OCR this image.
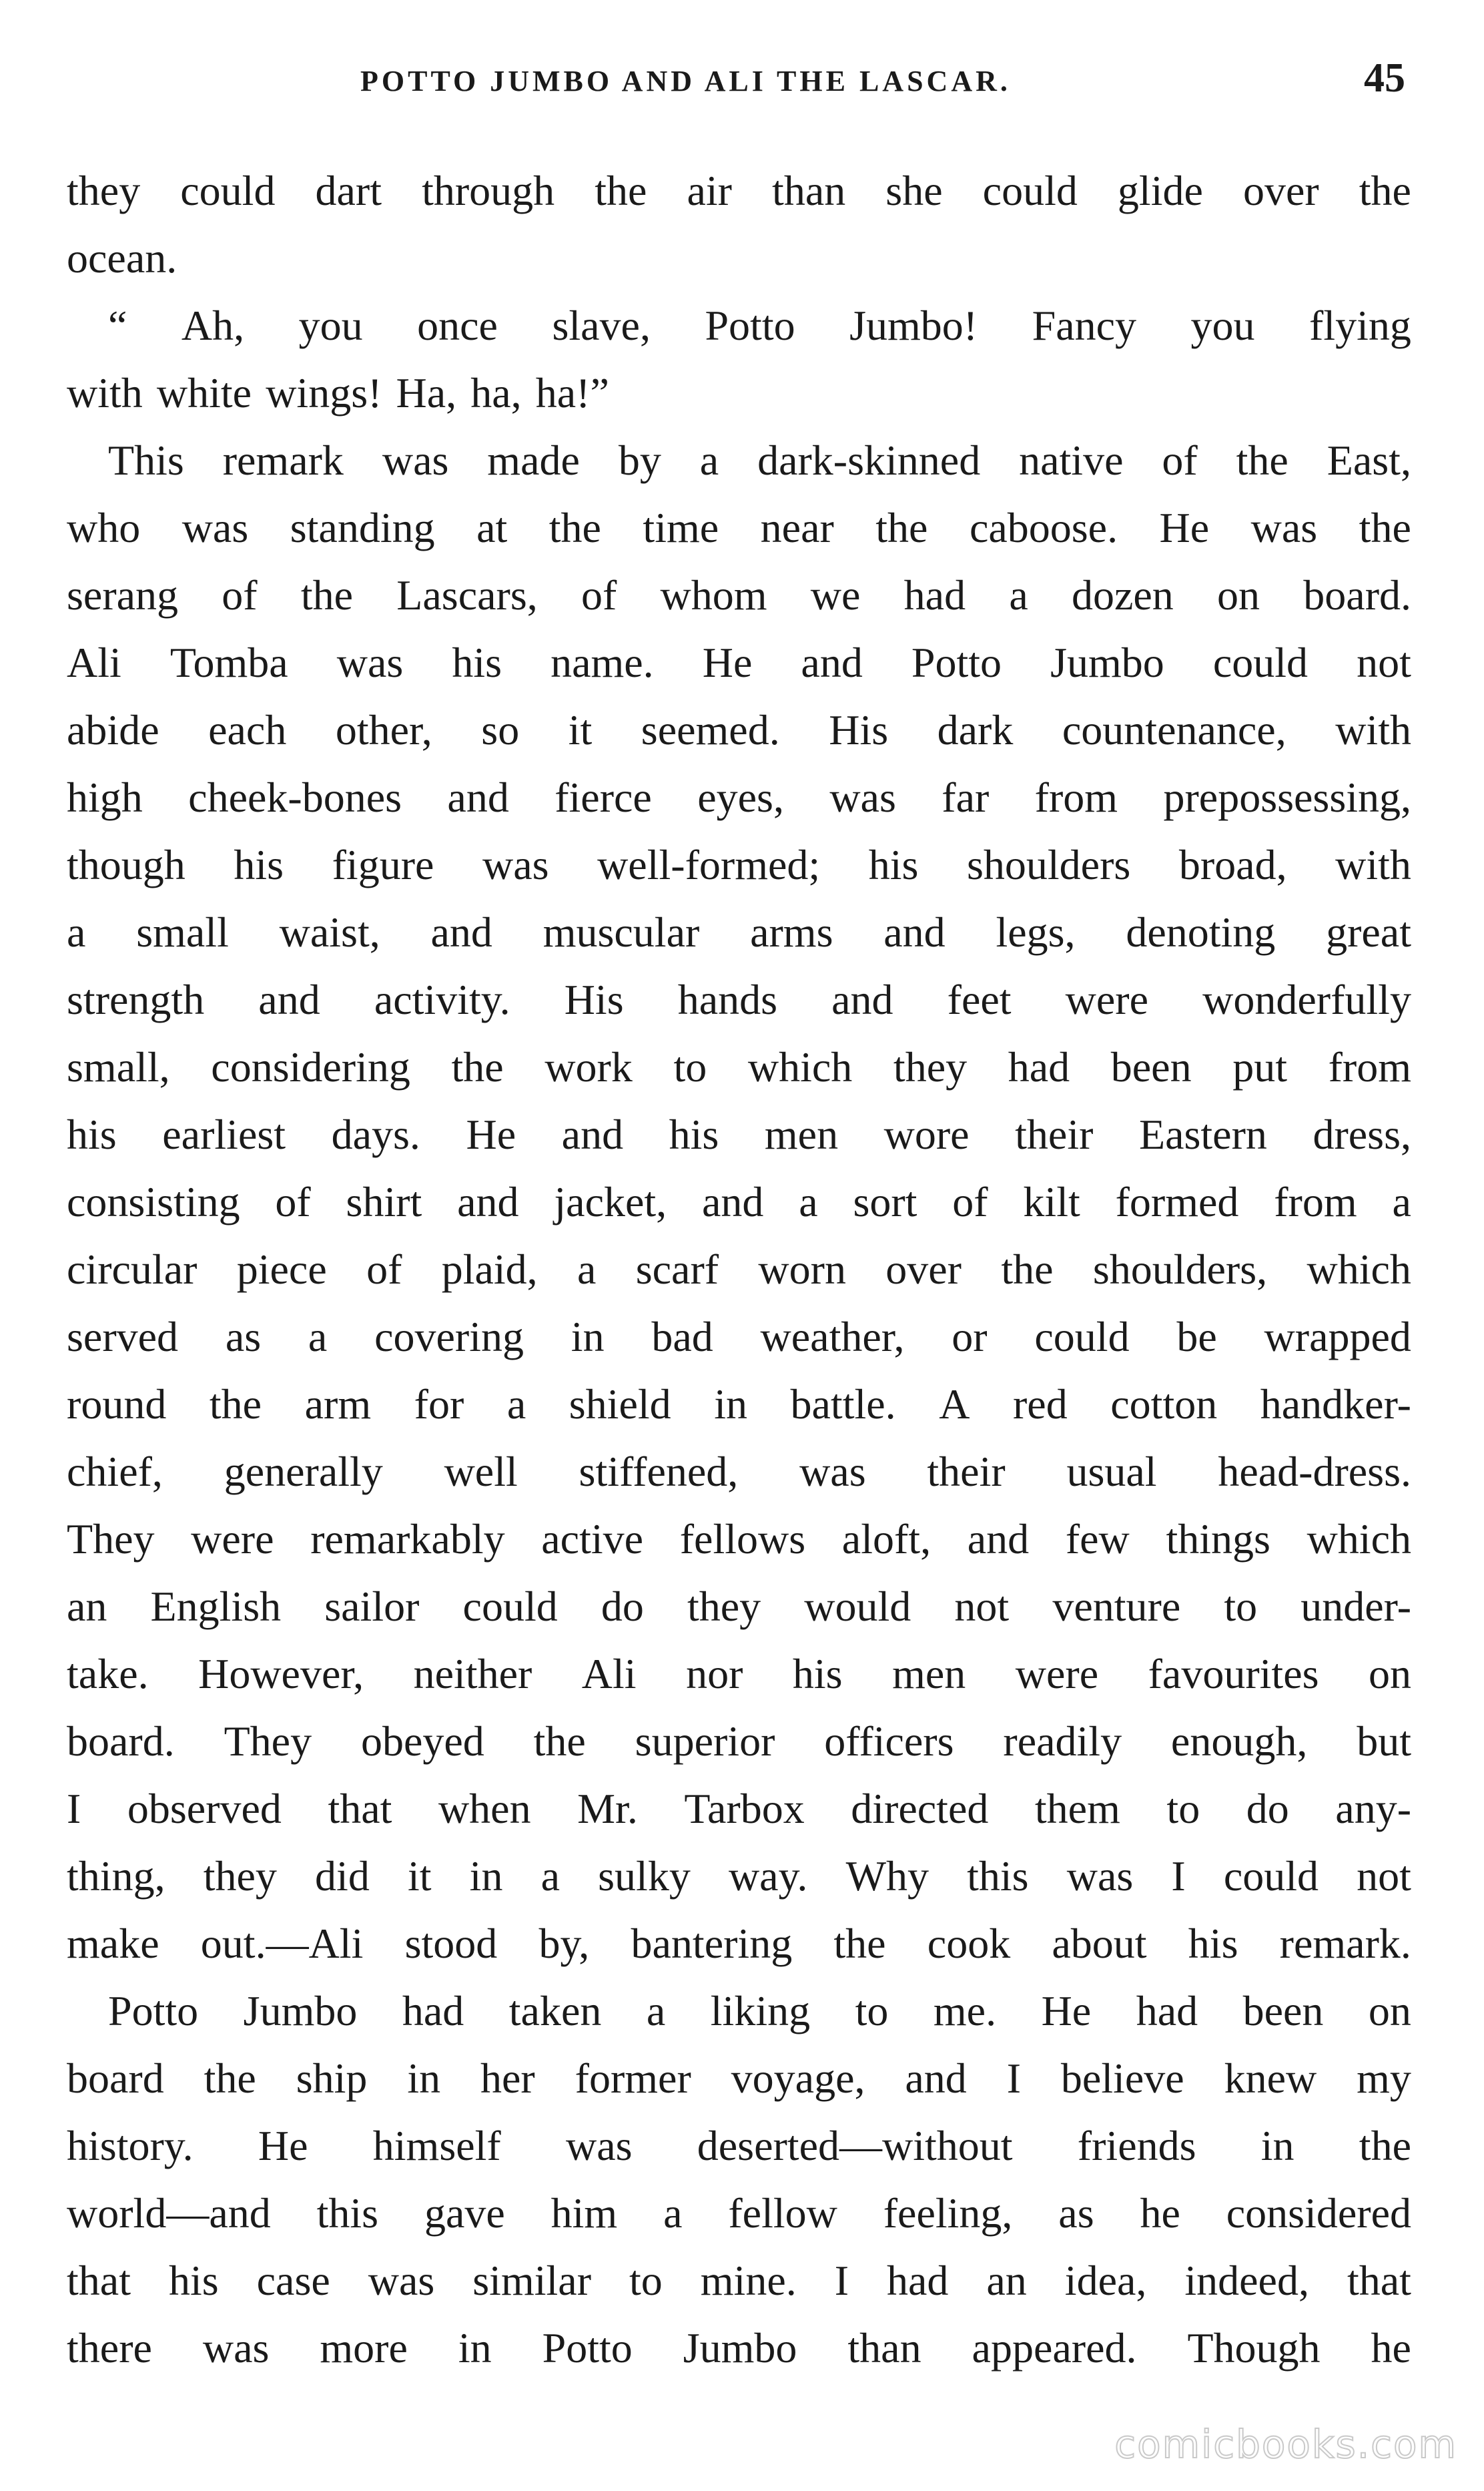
POTTO JUMBO AND ALI THE LASCAR.	45
they could dart through the air than she could glide over the
ocean.
“ Ah, you once slave, Potto Jumbo! Fancy you flying
with white wings! Ha, ha, ha!”
This remark was made by a dark-skinned native of the East,
who was standing at the time near the caboose. He was the
serang of the Lascars, of whom we had a dozen on board.
Ali Tomba was his name. He and Potto Jumbo could not
abide each other, so it seemed. His dark countenance, with
high cheek-bones and fierce eyes, was far from prepossessing,
though his figure was well-formed; his shoulders broad, with
a small waist, and muscular arms and legs, denoting great
strength and activity. His hands and feet were wonderfully
small, considering the work to which they had been put from
his earliest days. He and his men wore their Eastern dress,
consisting of shirt and jacket, and a sort of kilt formed from a
circular piece of plaid, a scarf worn over the shoulders, which
served as a covering in bad weather, or could be wrapped
round the arm for a shield in battle. A red cotton handker-
chief, generally well stiffened, was their usual head-dress.
They were remarkably active fellows aloft, and few things which
an English sailor could do they would not venture to under-
take. However, neither Ali nor his men were favourites on
board. They obeyed the superior officers readily enough, but
I observed that when Mr. Tarbox directed them to do any-
thing, they did it in a sulky way. Why this was I could not
make out.—Ali stood by, bantering the cook about his remark.
Potto Jumbo had taken a liking to me. He had been on
board the ship in her former voyage, and I believe knew my
history. He himself was deserted—without friends in the
world—and this gave him a fellow feeling, as he considered
that his case was similar to mine. I had an idea, indeed, that
there was more in Potto Jumbo than appeared. Though he
comicbooks.com
